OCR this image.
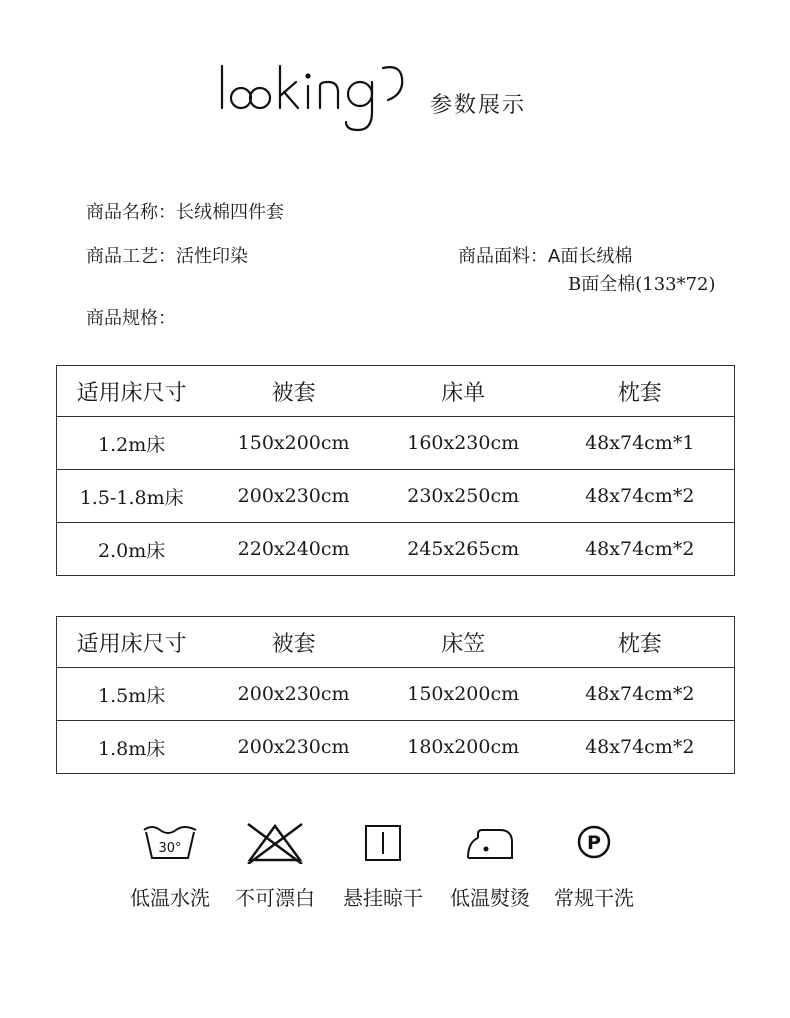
参数展示
商品名称：长绒棉四件套
商品工艺：活性印染	商品面料：A面长绒棉
B面全棉(133*72)
商品规格：
适用床尺寸	被套	床单	枕套
1.2m床	150x200cm	160x230cm	48x74cm*1
1.5-1.8m床	200x230cm	230x250cm	48x74cm*2
2.0m床	220x240cm	245x265cm	48x74cm*2
适用床尺寸	被套	床笠	枕套
1.5m床	200x230cm	150x200cm	48x74cm*2
1.8m床	200x230cm	180x200cm	48x74cm*2
30°
低温水洗	不可漂白	悬挂晾干	低温熨烫
P
常规干洗
